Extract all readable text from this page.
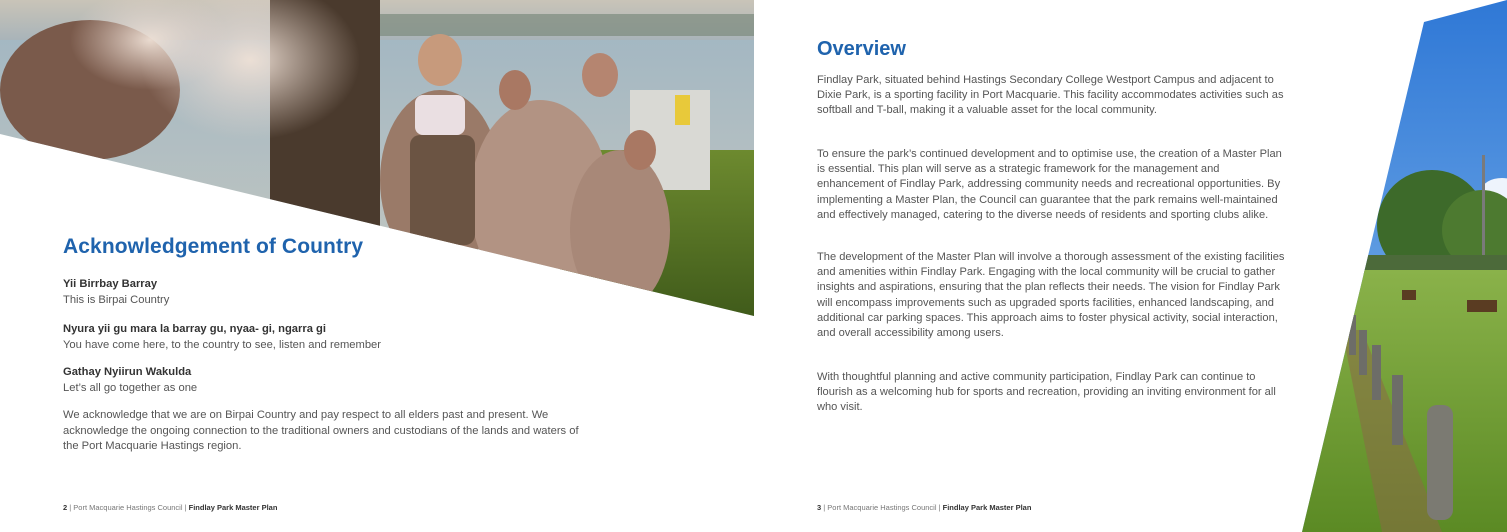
Acknowledgement of Country
Yii Birrbay Barray
This is Birpai Country
Nyura yii gu mara la barray gu, nyaa- gi, ngarra gi
You have come here, to the country to see, listen and remember
Gathay Nyiirun Wakulda
Let’s all go together as one

We acknowledge that we are on Birpai Country and pay respect to all elders past and present. We acknowledge the ongoing connection to the traditional owners and custodians of the lands and waters of the Port Macquarie Hastings region.

2 | Port Macquarie Hastings Council | Findlay Park Master Plan
Overview

Findlay Park, situated behind Hastings Secondary College Westport Campus and adjacent to Dixie Park, is a sporting facility in Port Macquarie. This facility accommodates activities such as softball and T-ball, making it a valuable asset for the local community.

To ensure the park’s continued development and to optimise use, the creation of a Master Plan is essential. This plan will serve as a strategic framework for the management and enhancement of Findlay Park, addressing community needs and recreational opportunities. By implementing a Master Plan, the Council can guarantee that the park remains well-maintained and effectively managed, catering to the diverse needs of residents and sporting clubs alike.

The development of the Master Plan will involve a thorough assessment of the existing facilities and amenities within Findlay Park. Engaging with the local community will be crucial to gather insights and aspirations, ensuring that the plan reflects their needs. The vision for Findlay Park will encompass improvements such as upgraded sports facilities, enhanced landscaping, and additional car parking spaces. This approach aims to foster physical activity, social interaction, and overall accessibility among users.

With thoughtful planning and active community participation, Findlay Park can continue to flourish as a welcoming hub for sports and recreation, providing an inviting environment for all who visit.

3 | Port Macquarie Hastings Council | Findlay Park Master Plan
